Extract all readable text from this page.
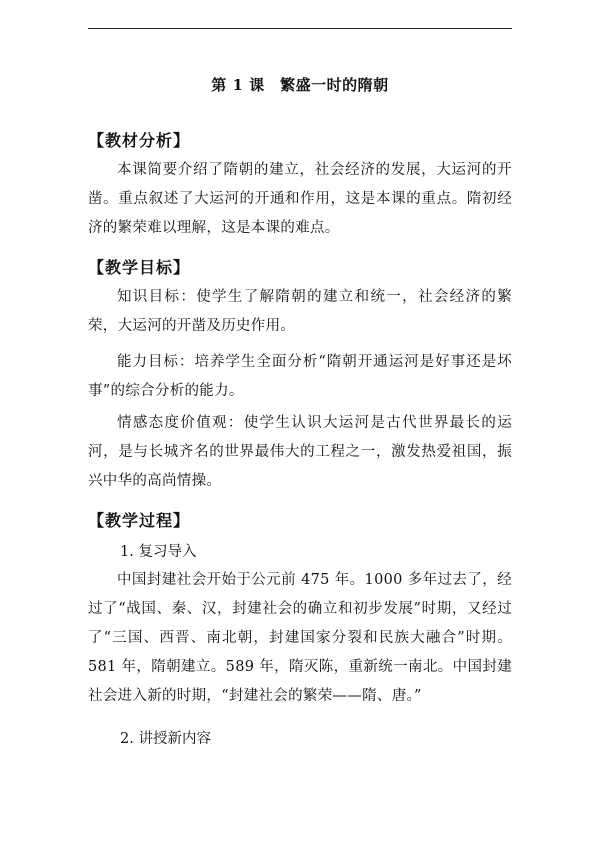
第 1 课　繁盛一时的隋朝
【教材分析】
本课简要介绍了隋朝的建立，社会经济的发展，大运河的开凿。重点叙述了大运河的开通和作用，这是本课的重点。隋初经济的繁荣难以理解，这是本课的难点。
【教学目标】
知识目标：使学生了解隋朝的建立和统一，社会经济的繁荣，大运河的开凿及历史作用。
能力目标：培养学生全面分析“隋朝开通运河是好事还是坏事”的综合分析的能力。
情感态度价值观：使学生认识大运河是古代世界最长的运河，是与长城齐名的世界最伟大的工程之一，激发热爱祖国，振兴中华的高尚情操。
【教学过程】
1. 复习导入
中国封建社会开始于公元前 475 年。1000 多年过去了，经过了“战国、秦、汉，封建社会的确立和初步发展”时期，又经过了“三国、西晋、南北朝，封建国家分裂和民族大融合”时期。581 年，隋朝建立。589 年，隋灭陈，重新统一南北。中国封建社会进入新的时期，“封建社会的繁荣——隋、唐。”
2. 讲授新内容
